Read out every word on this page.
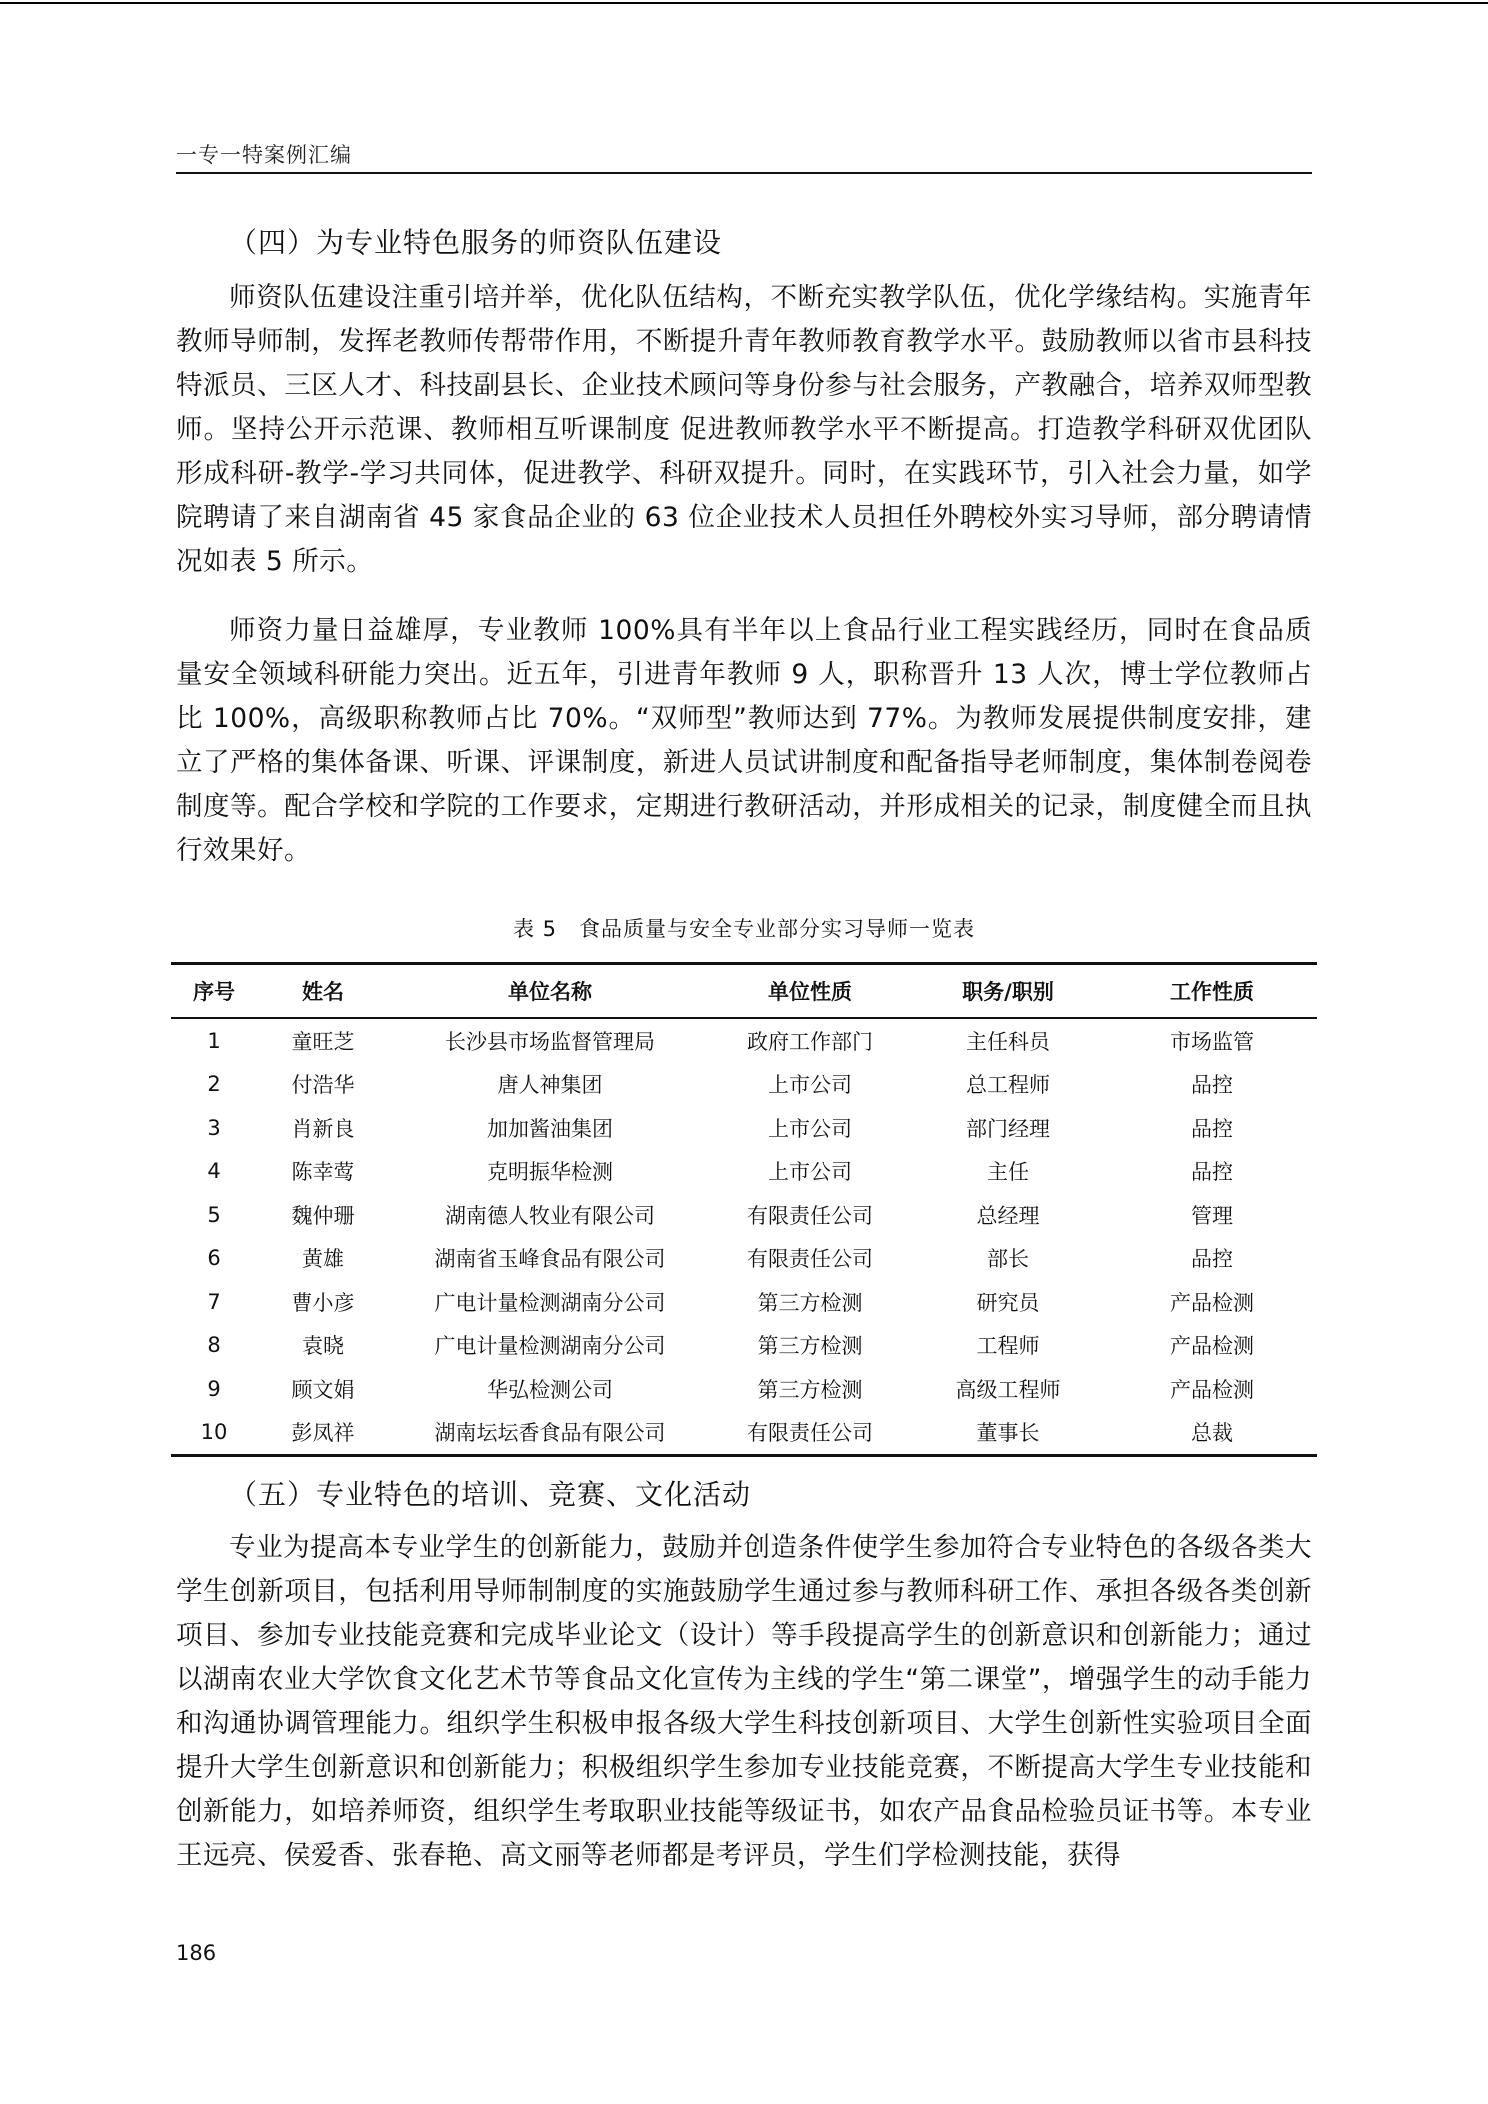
一专一特案例汇编
（四）为专业特色服务的师资队伍建设

师资队伍建设注重引培并举，优化队伍结构，不断充实教学队伍，优化学缘结构。实施青年教师导师制，发挥老教师传帮带作用，不断提升青年教师教育教学水平。鼓励教师以省市县科技特派员、三区人才、科技副县长、企业技术顾问等身份参与社会服务，产教融合，培养双师型教师。坚持公开示范课、教师相互听课制度 促进教师教学水平不断提高。打造教学科研双优团队形成科研-教学-学习共同体，促进教学、科研双提升。同时，在实践环节，引入社会力量，如学院聘请了来自湖南省 45 家食品企业的 63 位企业技术人员担任外聘校外实习导师，部分聘请情况如表 5 所示。

师资力量日益雄厚，专业教师 100%具有半年以上食品行业工程实践经历，同时在食品质量安全领域科研能力突出。近五年，引进青年教师 9 人，职称晋升 13 人次，博士学位教师占比 100%，高级职称教师占比 70%。“双师型”教师达到 77%。为教师发展提供制度安排，建立了严格的集体备课、听课、评课制度，新进人员试讲制度和配备指导老师制度，集体制卷阅卷制度等。配合学校和学院的工作要求，定期进行教研活动，并形成相关的记录，制度健全而且执行效果好。

表 5　食品质量与安全专业部分实习导师一览表
序号	姓名	单位名称	单位性质	职务/职别	工作性质
1	童旺芝	长沙县市场监督管理局	政府工作部门	主任科员	市场监管
2	付浩华	唐人神集团	上市公司	总工程师	品控
3	肖新良	加加酱油集团	上市公司	部门经理	品控
4	陈幸莺	克明振华检测	上市公司	主任	品控
5	魏仲珊	湖南德人牧业有限公司	有限责任公司	总经理	管理
6	黄雄	湖南省玉峰食品有限公司	有限责任公司	部长	品控
7	曹小彦	广电计量检测湖南分公司	第三方检测	研究员	产品检测
8	袁晓	广电计量检测湖南分公司	第三方检测	工程师	产品检测
9	顾文娟	华弘检测公司	第三方检测	高级工程师	产品检测
10	彭凤祥	湖南坛坛香食品有限公司	有限责任公司	董事长	总裁
（五）专业特色的培训、竞赛、文化活动

专业为提高本专业学生的创新能力，鼓励并创造条件使学生参加符合专业特色的各级各类大学生创新项目，包括利用导师制制度的实施鼓励学生通过参与教师科研工作、承担各级各类创新项目、参加专业技能竞赛和完成毕业论文（设计）等手段提高学生的创新意识和创新能力；通过以湖南农业大学饮食文化艺术节等食品文化宣传为主线的学生“第二课堂”，增强学生的动手能力和沟通协调管理能力。组织学生积极申报各级大学生科技创新项目、大学生创新性实验项目全面提升大学生创新意识和创新能力；积极组织学生参加专业技能竞赛，不断提高大学生专业技能和创新能力，如培养师资，组织学生考取职业技能等级证书，如农产品食品检验员证书等。本专业王远亮、侯爱香、张春艳、高文丽等老师都是考评员，学生们学检测技能，获得

186
